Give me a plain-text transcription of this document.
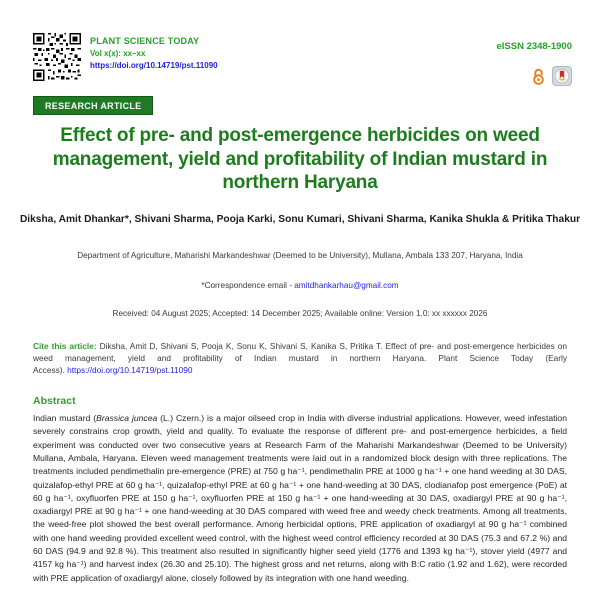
PLANT SCIENCE TODAY
Vol x(x): xx–xx
https://doi.org/10.14719/pst.11090
eISSN 2348-1900
RESEARCH ARTICLE
Effect of pre- and post-emergence herbicides on weed management, yield and profitability of Indian mustard in northern Haryana
Diksha, Amit Dhankar*, Shivani Sharma, Pooja Karki, Sonu Kumari, Shivani Sharma, Kanika Shukla & Pritika Thakur
Department of Agriculture, Maharishi Markandeshwar (Deemed to be University), Mullana, Ambala 133 207, Haryana, India
*Correspondence email - amitdhankarhau@gmail.com
Received: 04 August 2025; Accepted: 14 December 2025; Available online: Version 1.0: xx xxxxxx 2026

Cite this article: Diksha, Amit D, Shivani S, Pooja K, Sonu K, Shivani S, Kanika S, Pritika T. Effect of pre- and post-emergence herbicides on weed management, yield and profitability of Indian mustard in northern Haryana. Plant Science Today (Early Access). https://doi.org/10.14719/pst.11090

Abstract

Indian mustard (Brassica juncea (L.) Czern.) is a major oilseed crop in India with diverse industrial applications. However, weed infestation severely constrains crop growth, yield and quality. To evaluate the response of different pre- and post-emergence herbicides, a field experiment was conducted over two consecutive years at Research Farm of the Maharishi Markandeshwar (Deemed to be University) Mullana, Ambala, Haryana. Eleven weed management treatments were laid out in a randomized block design with three replications. The treatments included pendimethalin pre-emergence (PRE) at 750 g ha⁻¹, pendimethalin PRE at 1000 g ha⁻¹ + one hand weeding at 30 DAS, quizalafop-ethyl PRE at 60 g ha⁻¹, quizalafop-ethyl PRE at 60 g ha⁻¹ + one hand-weeding at 30 DAS, clodianafop post emergence (PoE) at 60 g ha⁻¹, oxyfluorfen PRE at 150 g ha⁻¹, oxyfluorfen PRE at 150 g ha⁻¹ + one hand-weeding at 30 DAS, oxadiargyl PRE at 90 g ha⁻¹, oxadiargyl PRE at 90 g ha⁻¹ + one hand-weeding at 30 DAS compared with weed free and weedy check treatments. Among all treatments, the weed-free plot showed the best overall performance. Among herbicidal options, PRE application of oxadiargyl at 90 g ha⁻¹ combined with one hand weeding provided excellent weed control, with the highest weed control efficiency recorded at 30 DAS (75.3 and 67.2 %) and 60 DAS (94.9 and 92.8 %). This treatment also resulted in significantly higher seed yield (1776 and 1393 kg ha⁻¹), stover yield (4977 and 4157 kg ha⁻¹) and harvest index (26.30 and 25.10). The highest gross and net returns, along with B:C ratio (1.92 and 1.62), were recorded with PRE application of oxadiargyl alone, closely followed by its integration with one hand weeding.
